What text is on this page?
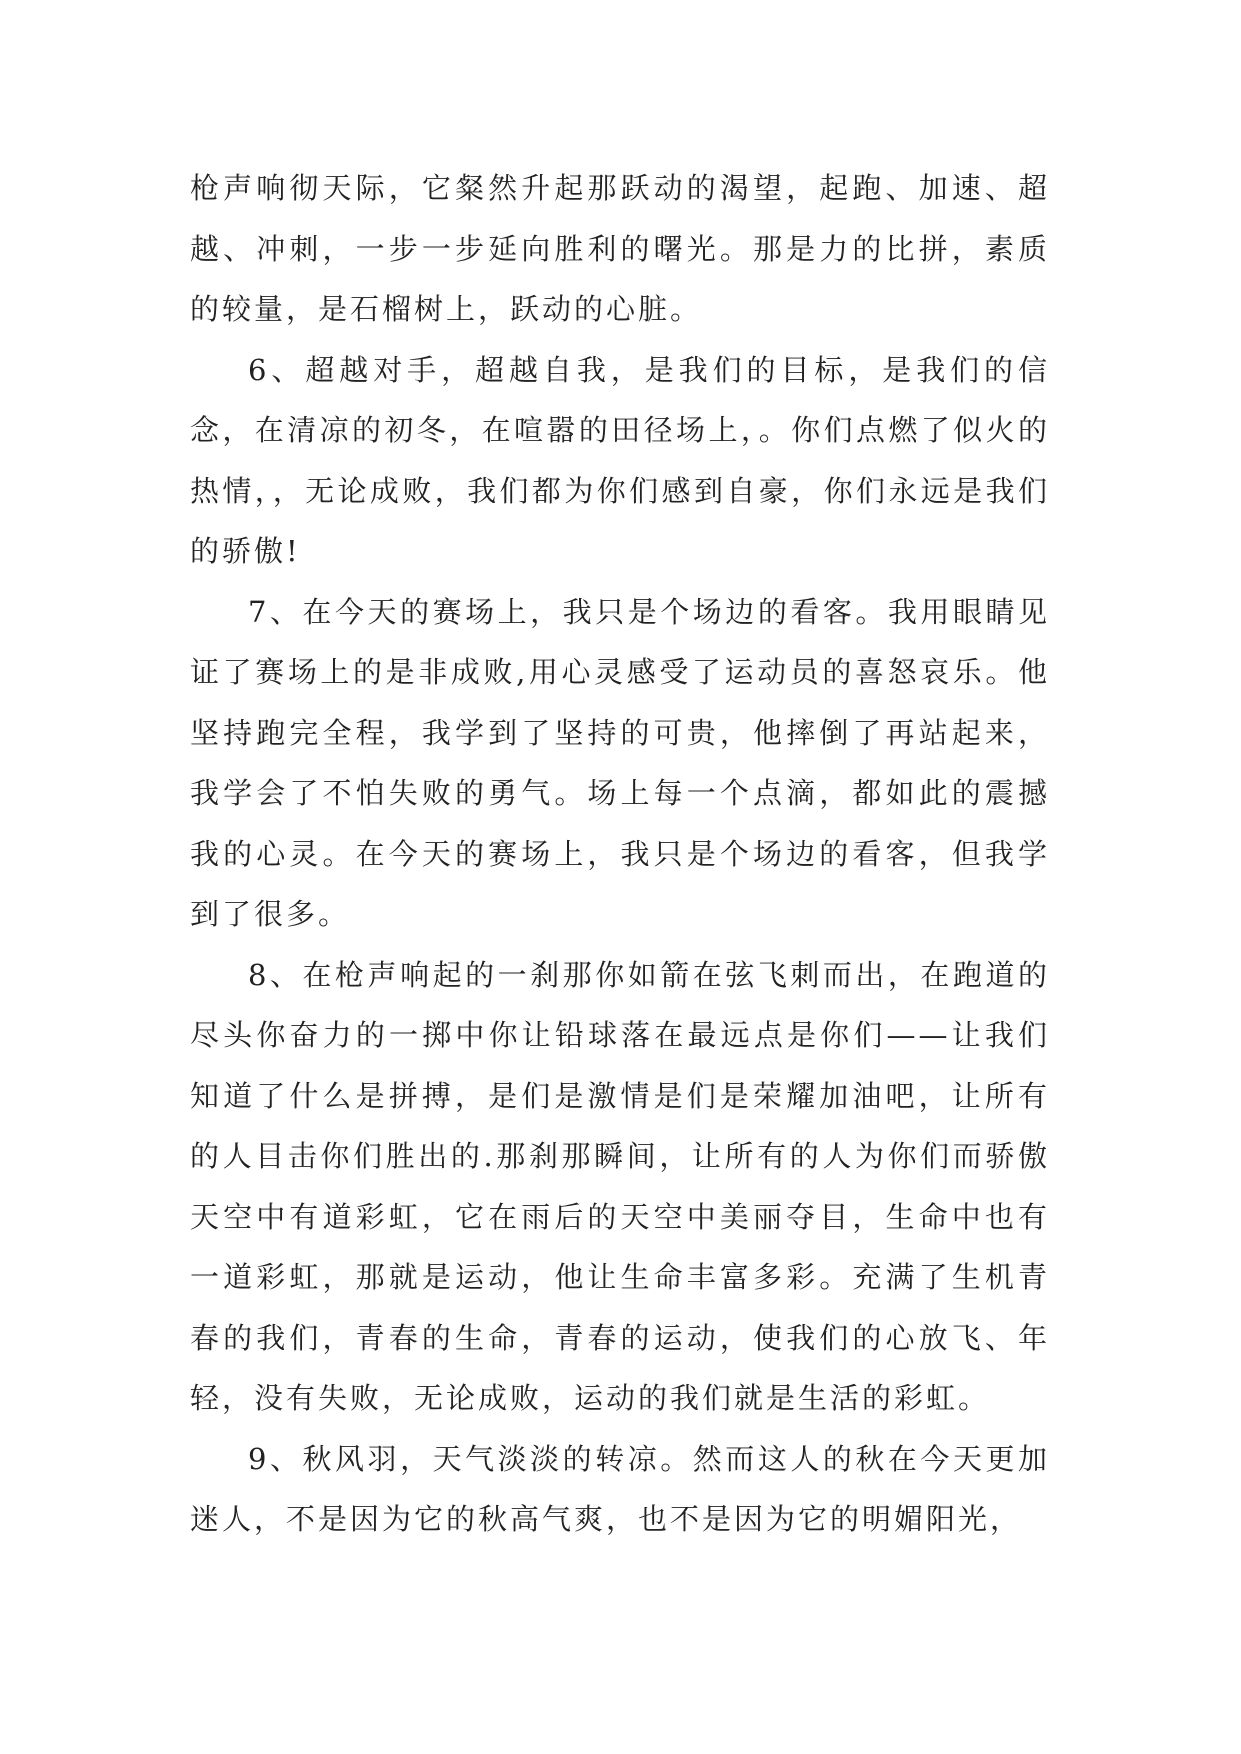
枪声响彻天际，它粲然升起那跃动的渴望，起跑、加速、超越、冲刺，一步一步延向胜利的曙光。那是力的比拼，素质的较量，是石榴树上，跃动的心脏。

6、超越对手，超越自我，是我们的目标，是我们的信念，在清凉的初冬，在喧嚣的田径场上，。你们点燃了似火的热情，，无论成败，我们都为你们感到自豪，你们永远是我们的骄傲!

7、在今天的赛场上，我只是个场边的看客。我用眼睛见证了赛场上的是非成败,用心灵感受了运动员的喜怒哀乐。他坚持跑完全程，我学到了坚持的可贵，他摔倒了再站起来，我学会了不怕失败的勇气。场上每一个点滴，都如此的震撼我的心灵。在今天的赛场上，我只是个场边的看客，但我学到了很多。

8、在枪声响起的一刹那你如箭在弦飞刺而出，在跑道的尽头你奋力的一掷中你让铅球落在最远点是你们——让我们知道了什么是拼搏，是们是激情是们是荣耀加油吧，让所有的人目击你们胜出的.那刹那瞬间，让所有的人为你们而骄傲天空中有道彩虹，它在雨后的天空中美丽夺目，生命中也有一道彩虹，那就是运动，他让生命丰富多彩。充满了生机青春的我们，青春的生命，青春的运动，使我们的心放飞、年轻，没有失败，无论成败，运动的我们就是生活的彩虹。

9、秋风羽，天气淡淡的转凉。然而这人的秋在今天更加迷人，不是因为它的秋高气爽，也不是因为它的明媚阳光，
